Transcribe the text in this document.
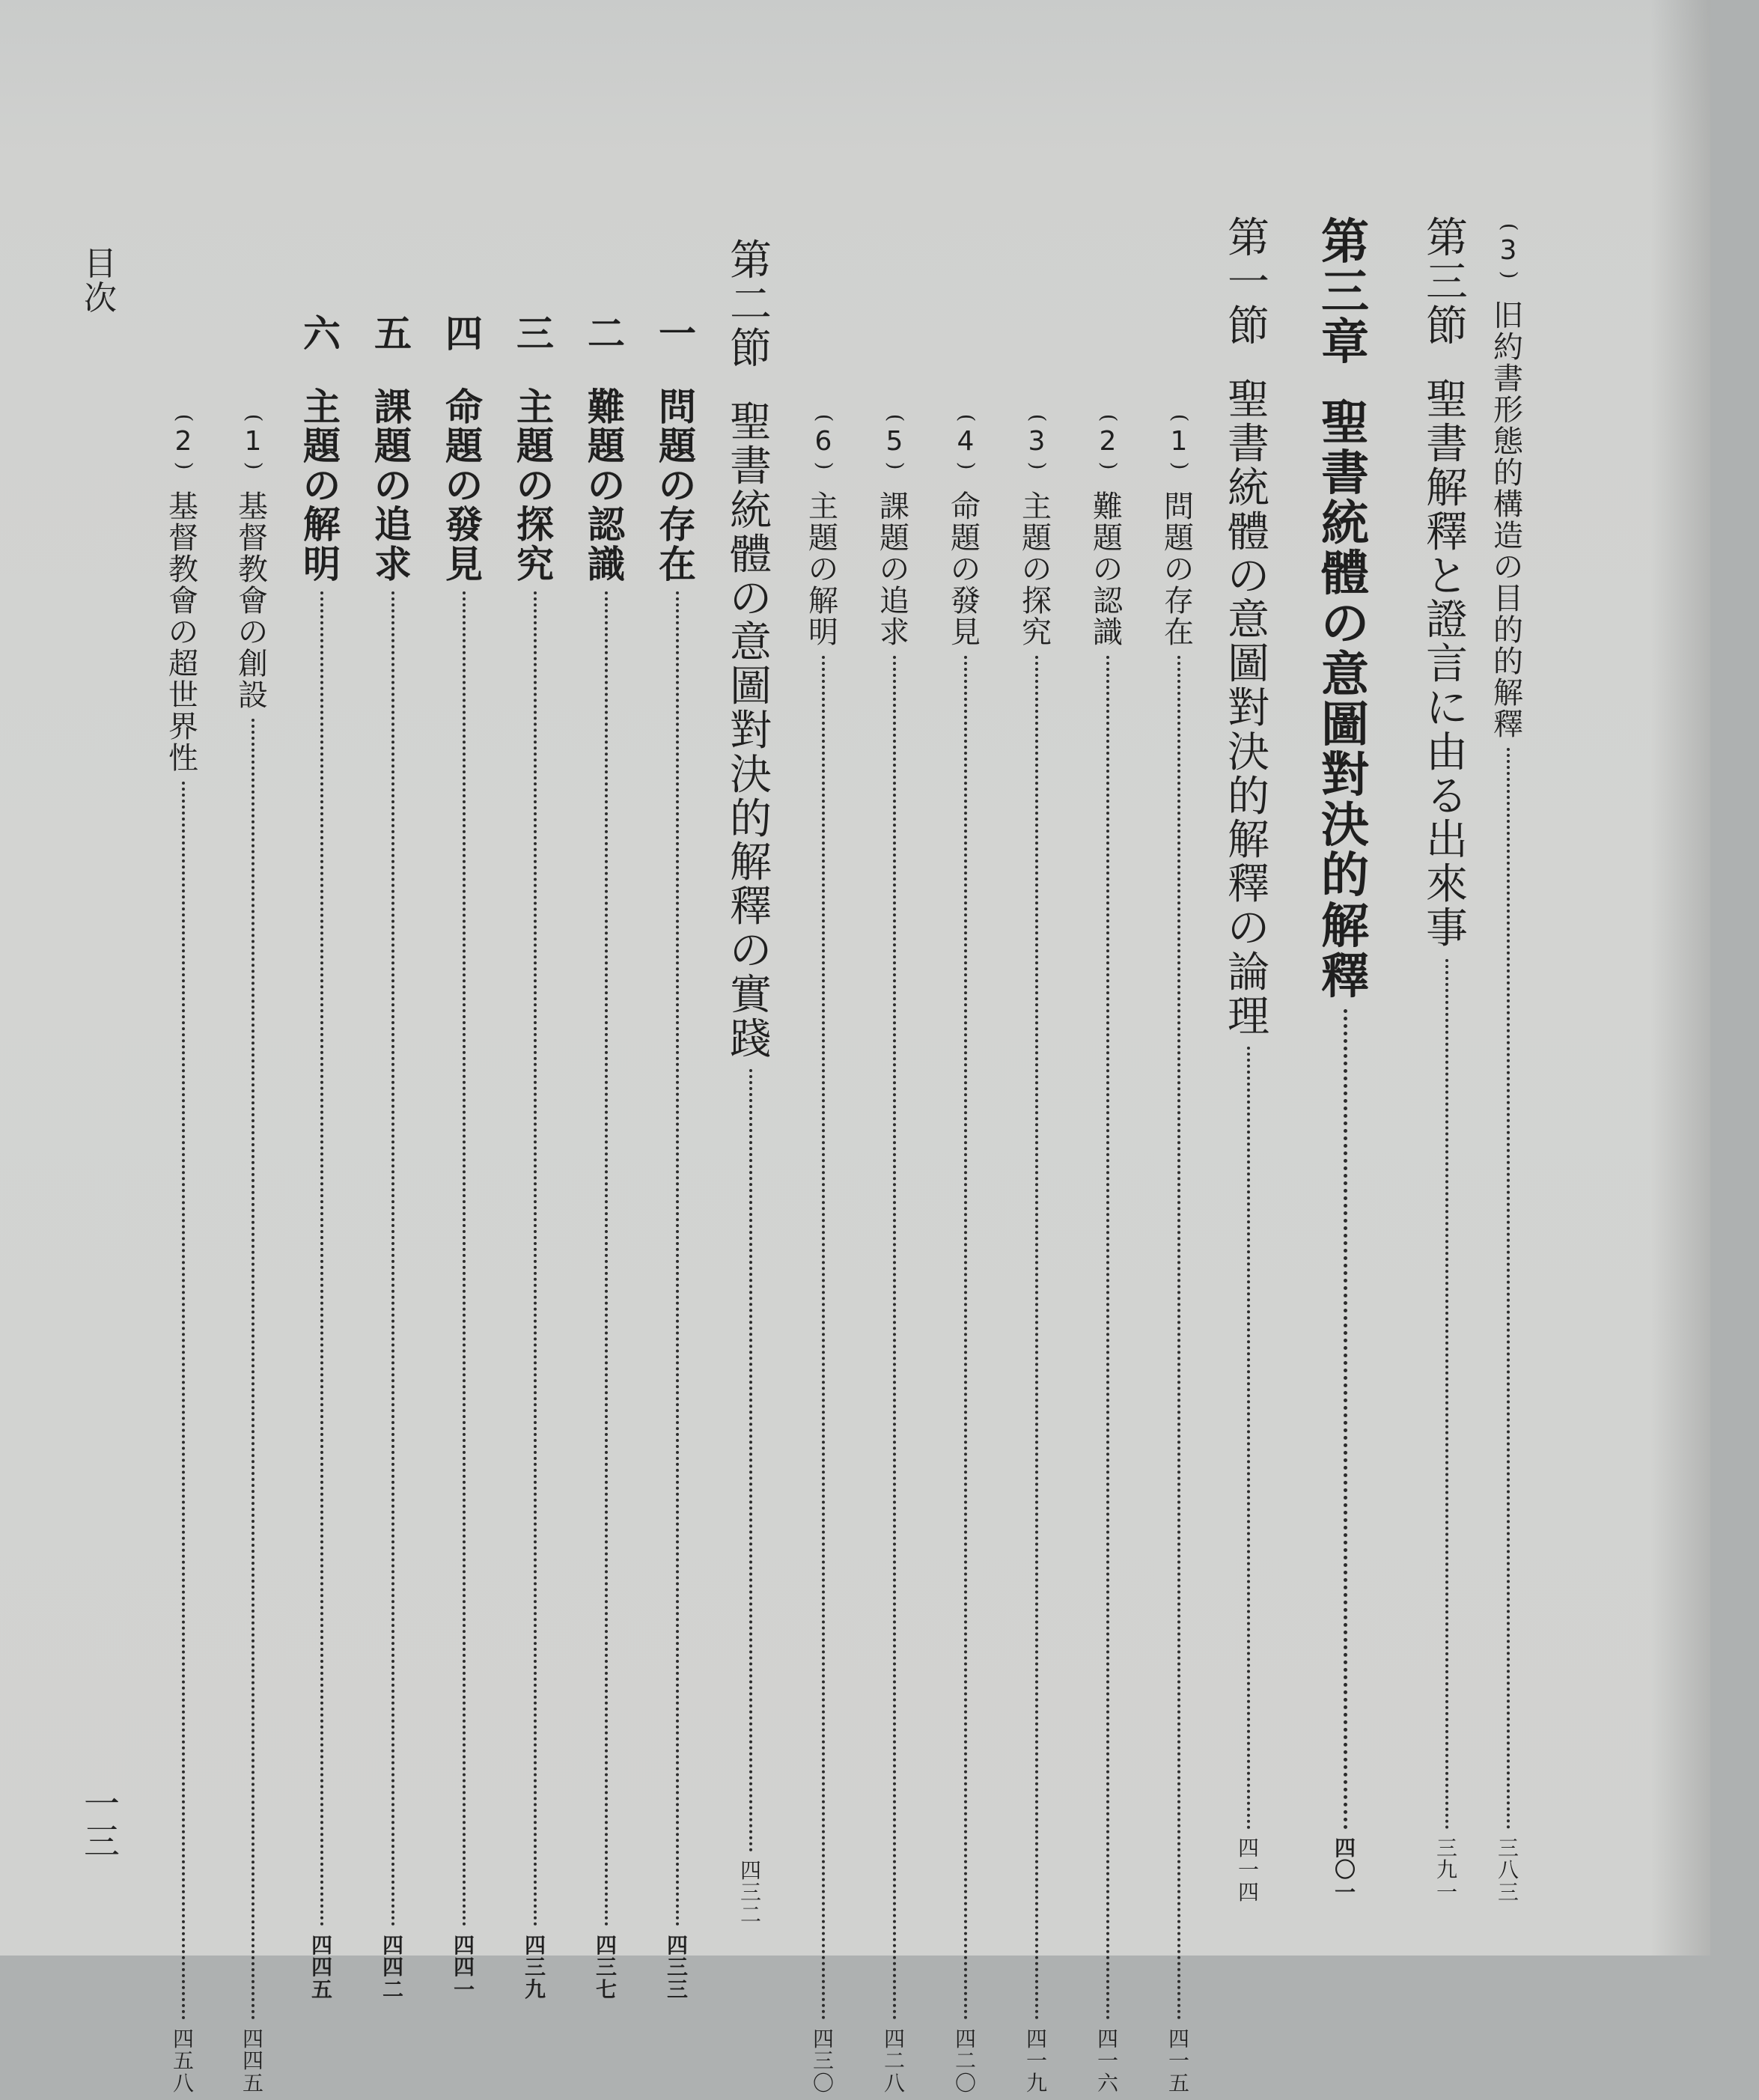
(
3
)
旧
約
書
形
態
的
構
造
の
目
的
的
解
釋
三
八
三
第
三
節
聖
書
解
釋
と
證
言
に
由
る
出
來
事
三
九
一
第
三
章
聖
書
統
體
の
意
圖
對
決
的
解
釋
四
〇
一
第
一
節
聖
書
統
體
の
意
圖
對
決
的
解
釋
の
論
理
四
一
四
(
1
)
問
題
の
存
在
四
一
五
(
2
)
難
題
の
認
識
四
一
六
(
3
)
主
題
の
探
究
四
一
九
(
4
)
命
題
の
發
見
四
二
〇
(
5
)
課
題
の
追
求
四
二
八
(
6
)
主
題
の
解
明
四
三
〇
第
二
節
聖
書
統
體
の
意
圖
對
決
的
解
釋
の
實
踐
四
三
二
一
問
題
の
存
在
四
三
三
二
難
題
の
認
識
四
三
七
三
主
題
の
探
究
四
三
九
四
命
題
の
發
見
四
四
一
五
課
題
の
追
求
四
四
二
六
主
題
の
解
明
四
四
五
(
1
)
基
督
教
會
の
創
設
四
四
五
(
2
)
基
督
教
會
の
超
世
界
性
四
五
八
目
次
一
三
